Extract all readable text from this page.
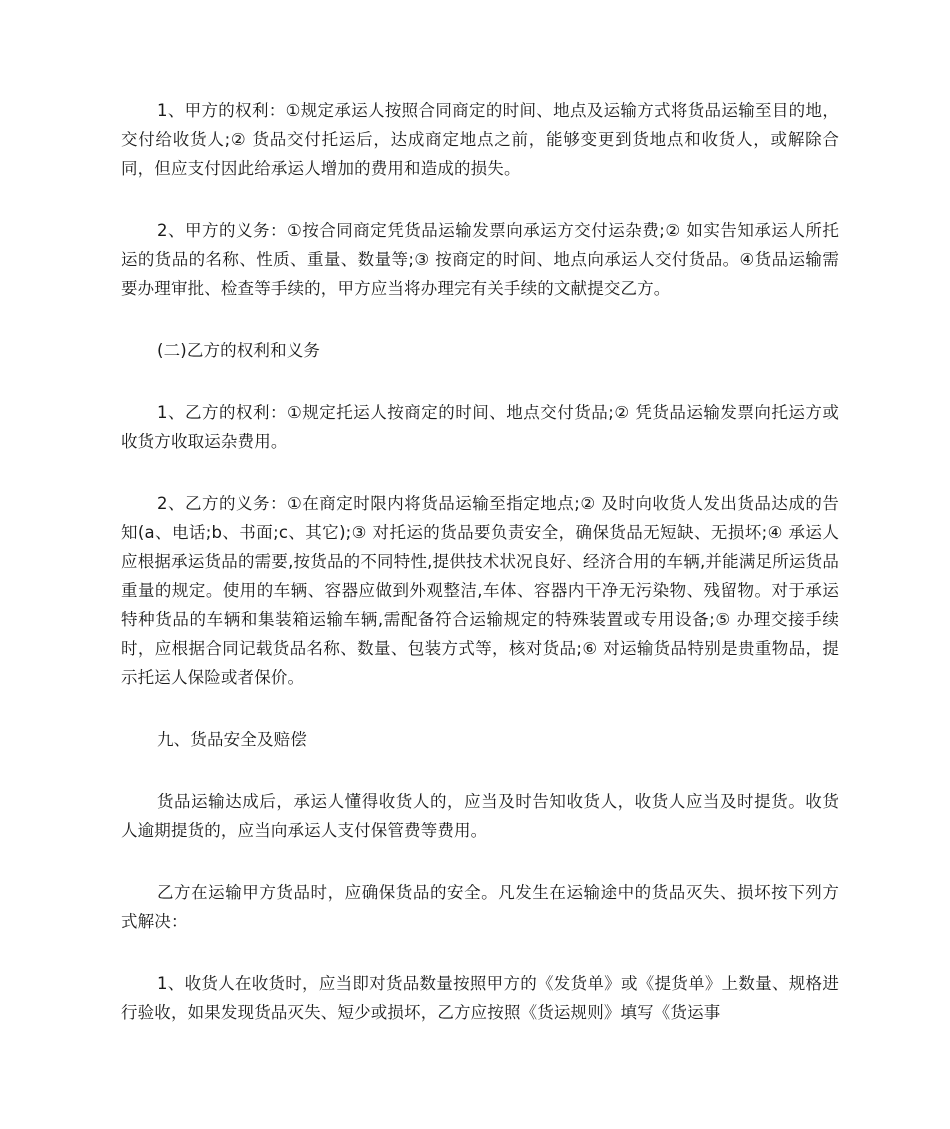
1、甲方的权利：①规定承运人按照合同商定的时间、地点及运输方式将货品运输至目的地，交付给收货人;② 货品交付托运后，达成商定地点之前，能够变更到货地点和收货人，或解除合同，但应支付因此给承运人增加的费用和造成的损失。

2、甲方的义务：①按合同商定凭货品运输发票向承运方交付运杂费;② 如实告知承运人所托运的货品的名称、性质、重量、数量等;③ 按商定的时间、地点向承运人交付货品。④货品运输需要办理审批、检查等手续的，甲方应当将办理完有关手续的文献提交乙方。

(二)乙方的权利和义务

1、乙方的权利：①规定托运人按商定的时间、地点交付货品;② 凭货品运输发票向托运方或收货方收取运杂费用。

2、乙方的义务：①在商定时限内将货品运输至指定地点;② 及时向收货人发出货品达成的告知(a、电话;b、书面;c、其它);③ 对托运的货品要负责安全，确保货品无短缺、无损坏;④ 承运人应根据承运货品的需要,按货品的不同特性,提供技术状况良好、经济合用的车辆,并能满足所运货品重量的规定。使用的车辆、容器应做到外观整洁,车体、容器内干净无污染物、残留物。对于承运特种货品的车辆和集装箱运输车辆,需配备符合运输规定的特殊装置或专用设备;⑤ 办理交接手续时，应根据合同记载货品名称、数量、包装方式等，核对货品;⑥ 对运输货品特别是贵重物品，提示托运人保险或者保价。

九、货品安全及赔偿

货品运输达成后，承运人懂得收货人的，应当及时告知收货人，收货人应当及时提货。收货人逾期提货的，应当向承运人支付保管费等费用。

乙方在运输甲方货品时，应确保货品的安全。凡发生在运输途中的货品灭失、损坏按下列方式解决：

1、收货人在收货时，应当即对货品数量按照甲方的《发货单》或《提货单》上数量、规格进行验收，如果发现货品灭失、短少或损坏，乙方应按照《货运规则》填写《货运事
